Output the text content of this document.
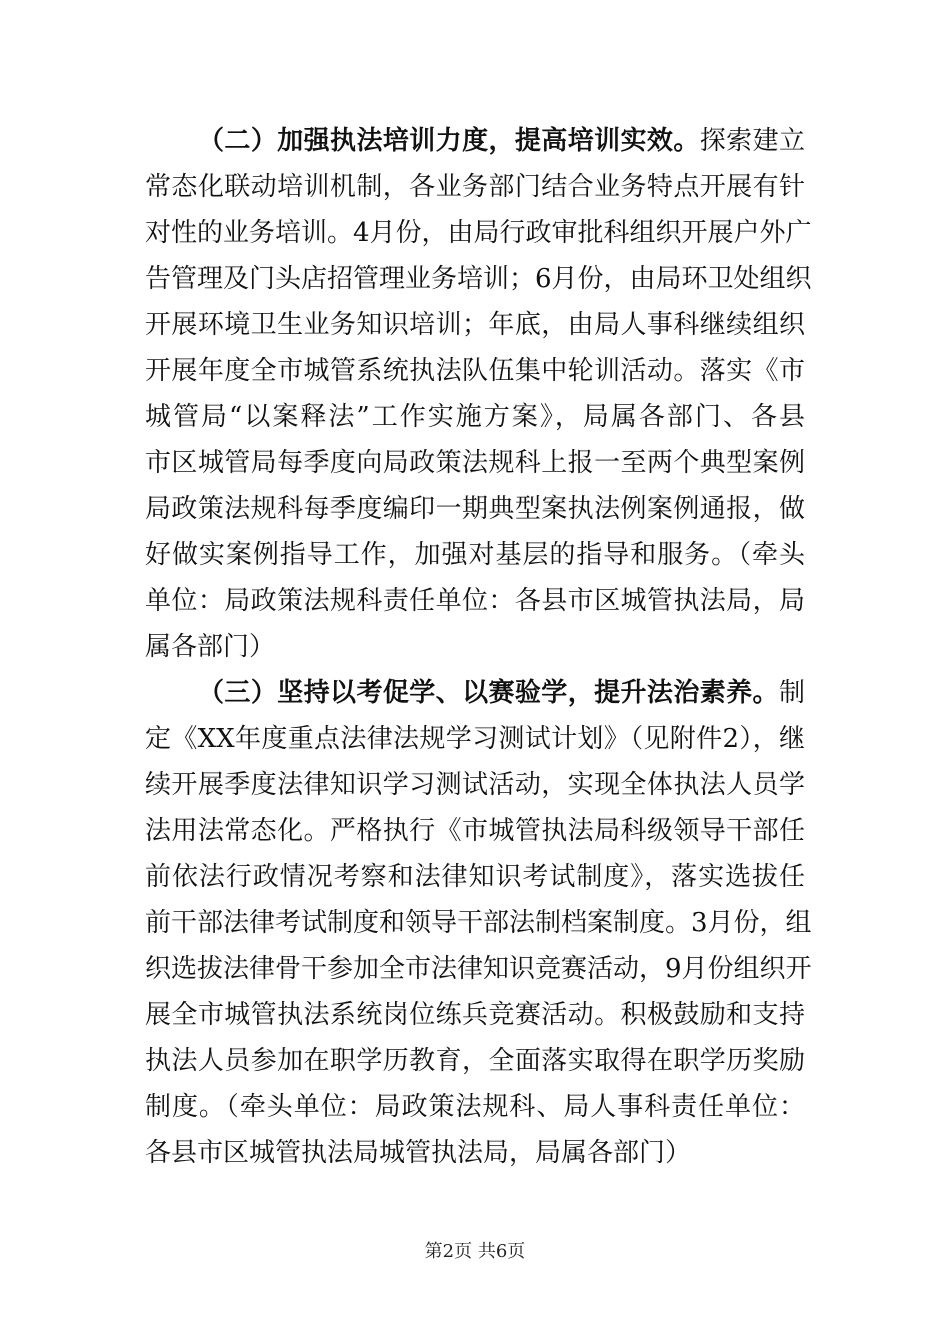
（二）加强执法培训力度，提高培训实效。探索建立
常态化联动培训机制，各业务部门结合业务特点开展有针
对性的业务培训。4月份，由局行政审批科组织开展户外广
告管理及门头店招管理业务培训；6月份，由局环卫处组织
开展环境卫生业务知识培训；年底，由局人事科继续组织
开展年度全市城管系统执法队伍集中轮训活动。落实《市
城管局“以案释法”工作实施方案》，局属各部门、各县
市区城管局每季度向局政策法规科上报一至两个典型案例
局政策法规科每季度编印一期典型案执法例案例通报，做
好做实案例指导工作，加强对基层的指导和服务。（牵头
单位：局政策法规科责任单位：各县市区城管执法局，局
属各部门）
（三）坚持以考促学、以赛验学，提升法治素养。制
定《XX年度重点法律法规学习测试计划》（见附件2），继
续开展季度法律知识学习测试活动，实现全体执法人员学
法用法常态化。严格执行《市城管执法局科级领导干部任
前依法行政情况考察和法律知识考试制度》，落实选拔任
前干部法律考试制度和领导干部法制档案制度。3月份，组
织选拔法律骨干参加全市法律知识竞赛活动，9月份组织开
展全市城管执法系统岗位练兵竞赛活动。积极鼓励和支持
执法人员参加在职学历教育，全面落实取得在职学历奖励
制度。（牵头单位：局政策法规科、局人事科责任单位：
各县市区城管执法局城管执法局，局属各部门）
第2页 共6页
